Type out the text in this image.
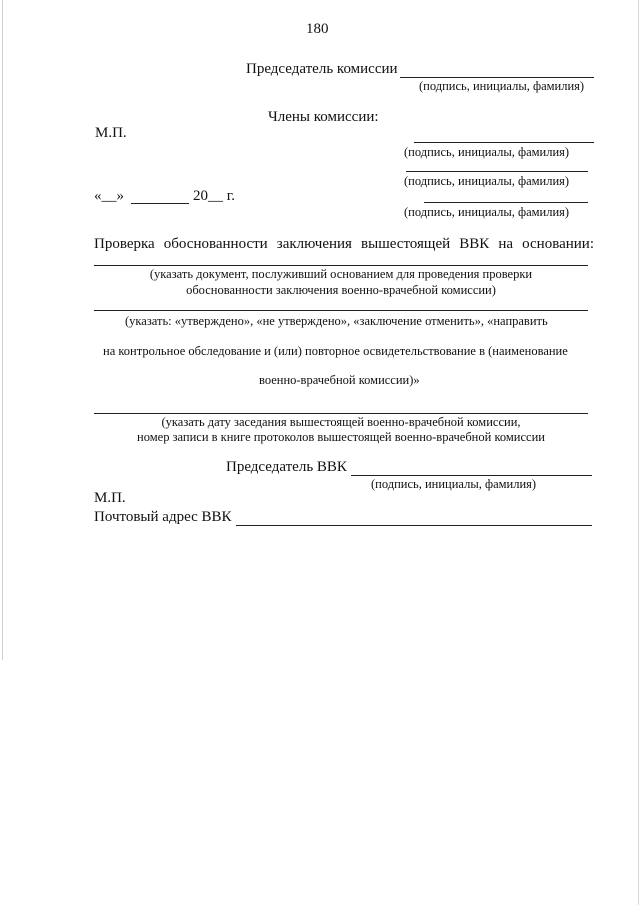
180
Председатель комиссии
(подпись, инициалы, фамилия)
Члены комиссии:
М.П.
(подпись, инициалы, фамилия)
(подпись, инициалы, фамилия)
«__»	20__ г.
(подпись, инициалы, фамилия)
Проверка обоснованности заключения вышестоящей ВВК на основании:
(указать документ, послуживший основанием для проведения проверки
обоснованности заключения военно-врачебной комиссии)
(указать: «утверждено», «не утверждено», «заключение отменить», «направить
на контрольное обследование и (или) повторное освидетельствование в (наименование
военно-врачебной комиссии)»
(указать дату заседания вышестоящей военно-врачебной комиссии,
номер записи в книге протоколов вышестоящей военно-врачебной комиссии
Председатель ВВК
(подпись, инициалы, фамилия)
М.П.
Почтовый адрес ВВК
